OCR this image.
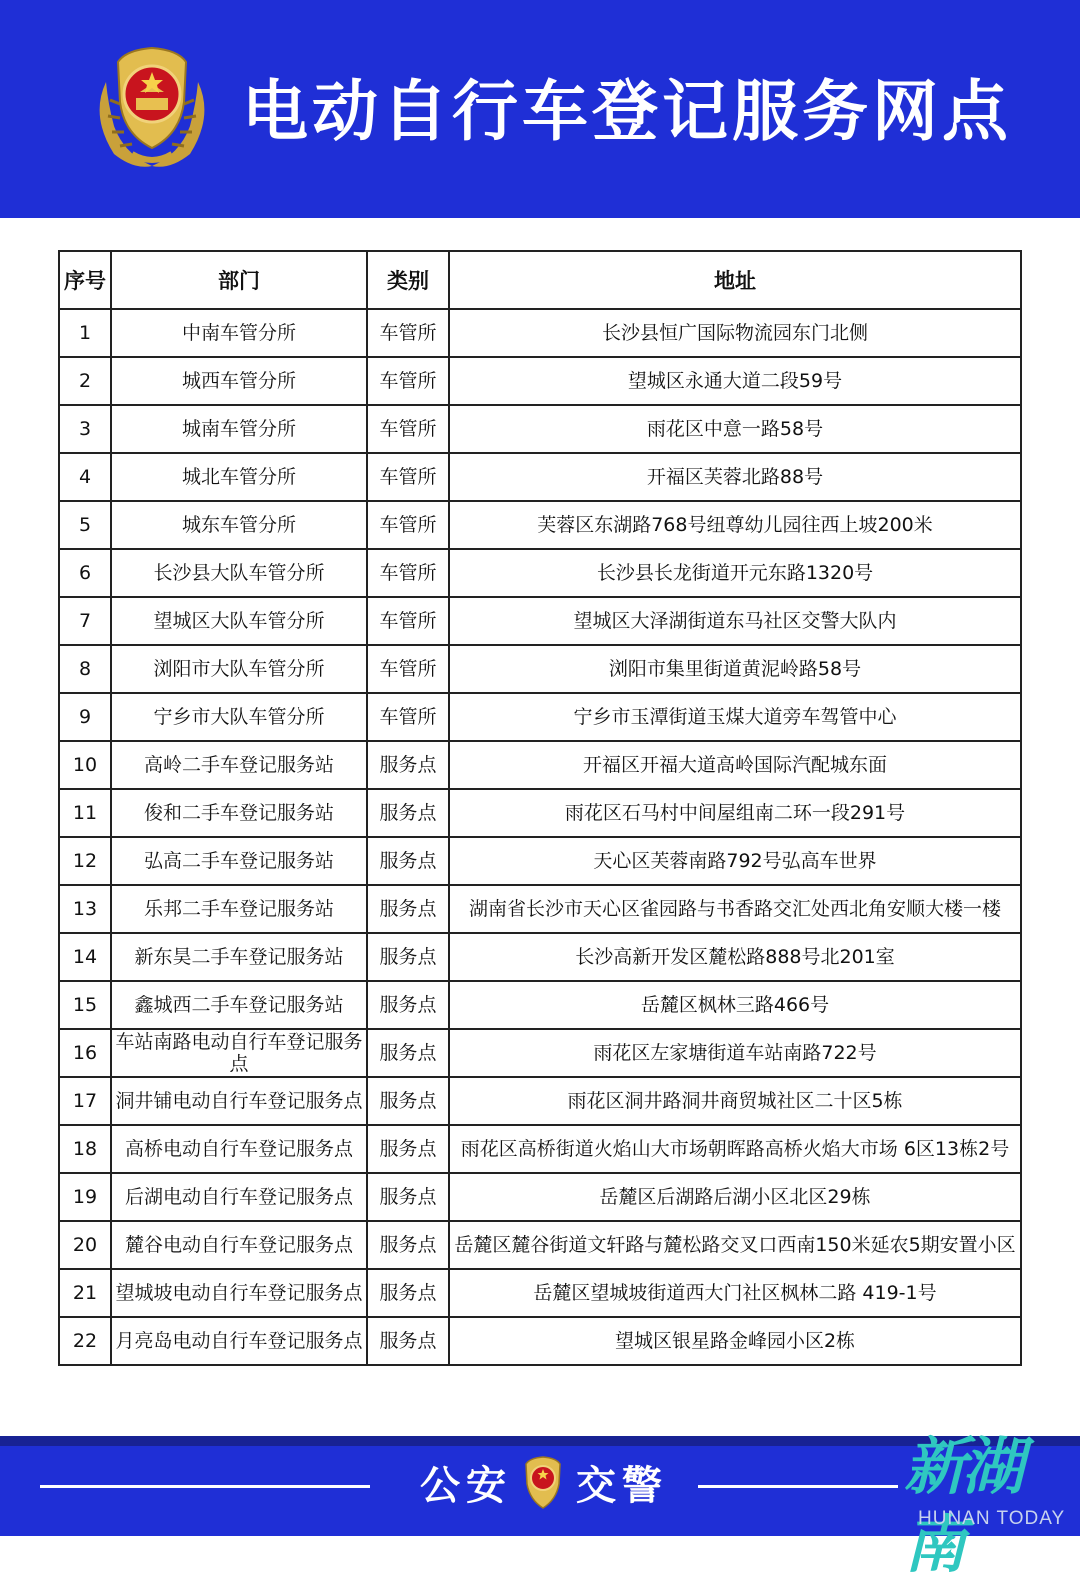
电动自行车登记服务网点
序号	部门	类别	地址
1	中南车管分所	车管所	长沙县恒广国际物流园东门北侧
2	城西车管分所	车管所	望城区永通大道二段59号
3	城南车管分所	车管所	雨花区中意一路58号
4	城北车管分所	车管所	开福区芙蓉北路88号
5	城东车管分所	车管所	芙蓉区东湖路768号纽尊幼儿园往西上坡200米
6	长沙县大队车管分所	车管所	长沙县长龙街道开元东路1320号
7	望城区大队车管分所	车管所	望城区大泽湖街道东马社区交警大队内
8	浏阳市大队车管分所	车管所	浏阳市集里街道黄泥岭路58号
9	宁乡市大队车管分所	车管所	宁乡市玉潭街道玉煤大道旁车驾管中心
10	高岭二手车登记服务站	服务点	开福区开福大道高岭国际汽配城东面
11	俊和二手车登记服务站	服务点	雨花区石马村中间屋组南二环一段291号
12	弘高二手车登记服务站	服务点	天心区芙蓉南路792号弘高车世界
13	乐邦二手车登记服务站	服务点	湖南省长沙市天心区雀园路与书香路交汇处西北角安顺大楼一楼
14	新东昊二手车登记服务站	服务点	长沙高新开发区麓松路888号北201室
15	鑫城西二手车登记服务站	服务点	岳麓区枫林三路466号
16	车站南路电动自行车登记服务点	服务点	雨花区左家塘街道车站南路722号
17	洞井铺电动自行车登记服务点	服务点	雨花区洞井路洞井商贸城社区二十区5栋
18	高桥电动自行车登记服务点	服务点	雨花区高桥街道火焰山大市场朝晖路高桥火焰大市场 6区13栋2号
19	后湖电动自行车登记服务点	服务点	岳麓区后湖路后湖小区北区29栋
20	麓谷电动自行车登记服务点	服务点	岳麓区麓谷街道文轩路与麓松路交叉口西南150米延农5期安置小区
21	望城坡电动自行车登记服务点	服务点	岳麓区望城坡街道西大门社区枫林二路 419-1号
22	月亮岛电动自行车登记服务点	服务点	望城区银星路金峰园小区2栋
公安 交警	新湖南
HUNAN TODAY
